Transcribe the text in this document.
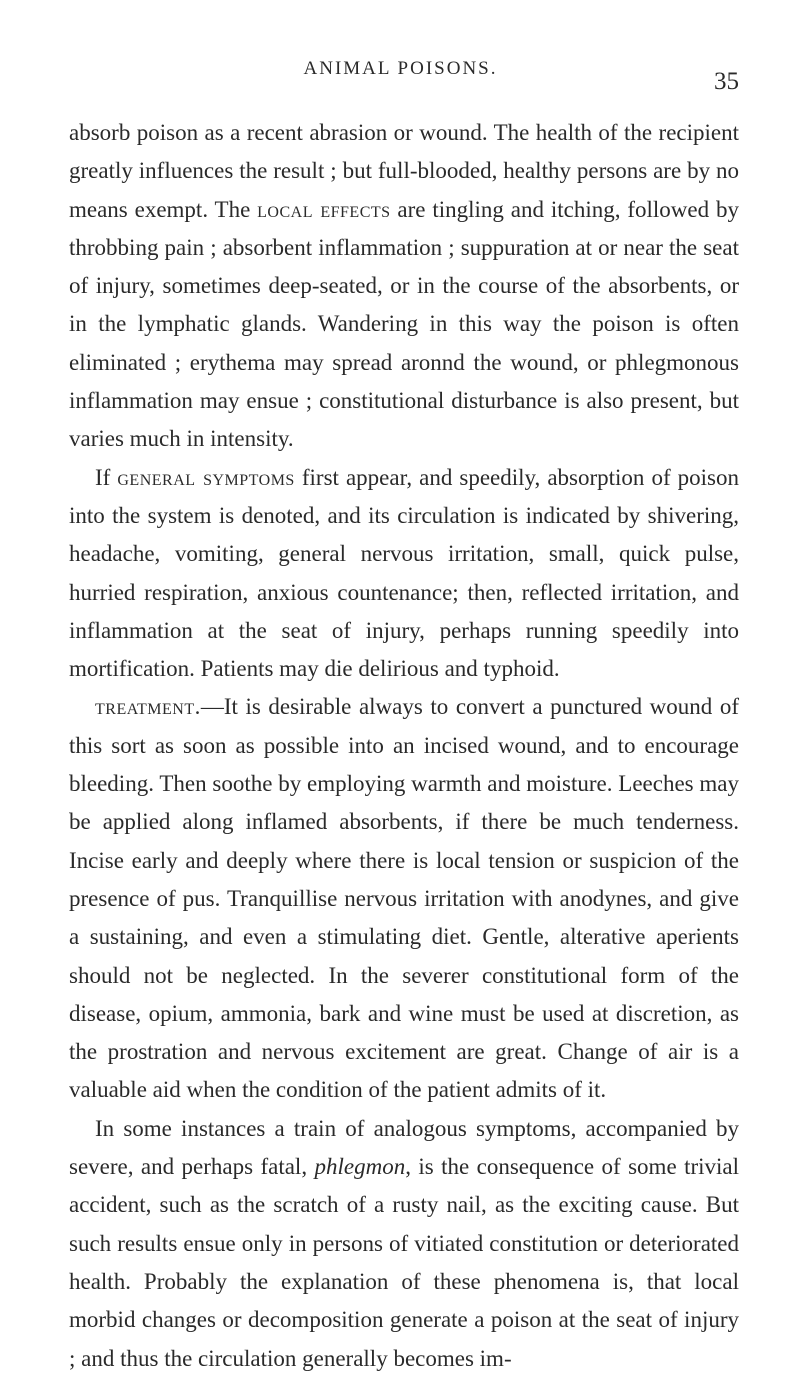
ANIMAL POISONS.	35

absorb poison as a recent abrasion or wound. The health of the recipient greatly influences the result ; but full-blooded, healthy persons are by no means exempt. The local effects are tingling and itching, followed by throbbing pain ; absorbent inflammation ; suppuration at or near the seat of injury, sometimes deep-seated, or in the course of the absorbents, or in the lymphatic glands. Wandering in this way the poison is often eliminated ; erythema may spread aronnd the wound, or phlegmonous inflammation may ensue ; constitutional disturbance is also present, but varies much in intensity.

If general symptoms first appear, and speedily, absorption of poison into the system is denoted, and its circulation is indicated by shivering, headache, vomiting, general nervous irritation, small, quick pulse, hurried respiration, anxious countenance; then, reflected irritation, and inflammation at the seat of injury, perhaps running speedily into mortification. Patients may die delirious and typhoid.

treatment.—It is desirable always to convert a punctured wound of this sort as soon as possible into an incised wound, and to encourage bleeding. Then soothe by employing warmth and moisture. Leeches may be applied along inflamed absorbents, if there be much tenderness. Incise early and deeply where there is local tension or suspicion of the presence of pus. Tranquillise nervous irritation with anodynes, and give a sustaining, and even a stimulating diet. Gentle, alterative aperients should not be neglected. In the severer constitutional form of the disease, opium, ammonia, bark and wine must be used at discretion, as the prostration and nervous excitement are great. Change of air is a valuable aid when the condition of the patient admits of it.

In some instances a train of analogous symptoms, accompanied by severe, and perhaps fatal, phlegmon, is the consequence of some trivial accident, such as the scratch of a rusty nail, as the exciting cause. But such results ensue only in persons of vitiated constitution or deteriorated health. Probably the explanation of these phenomena is, that local morbid changes or decomposition generate a poison at the seat of injury ; and thus the circulation generally becomes im-
